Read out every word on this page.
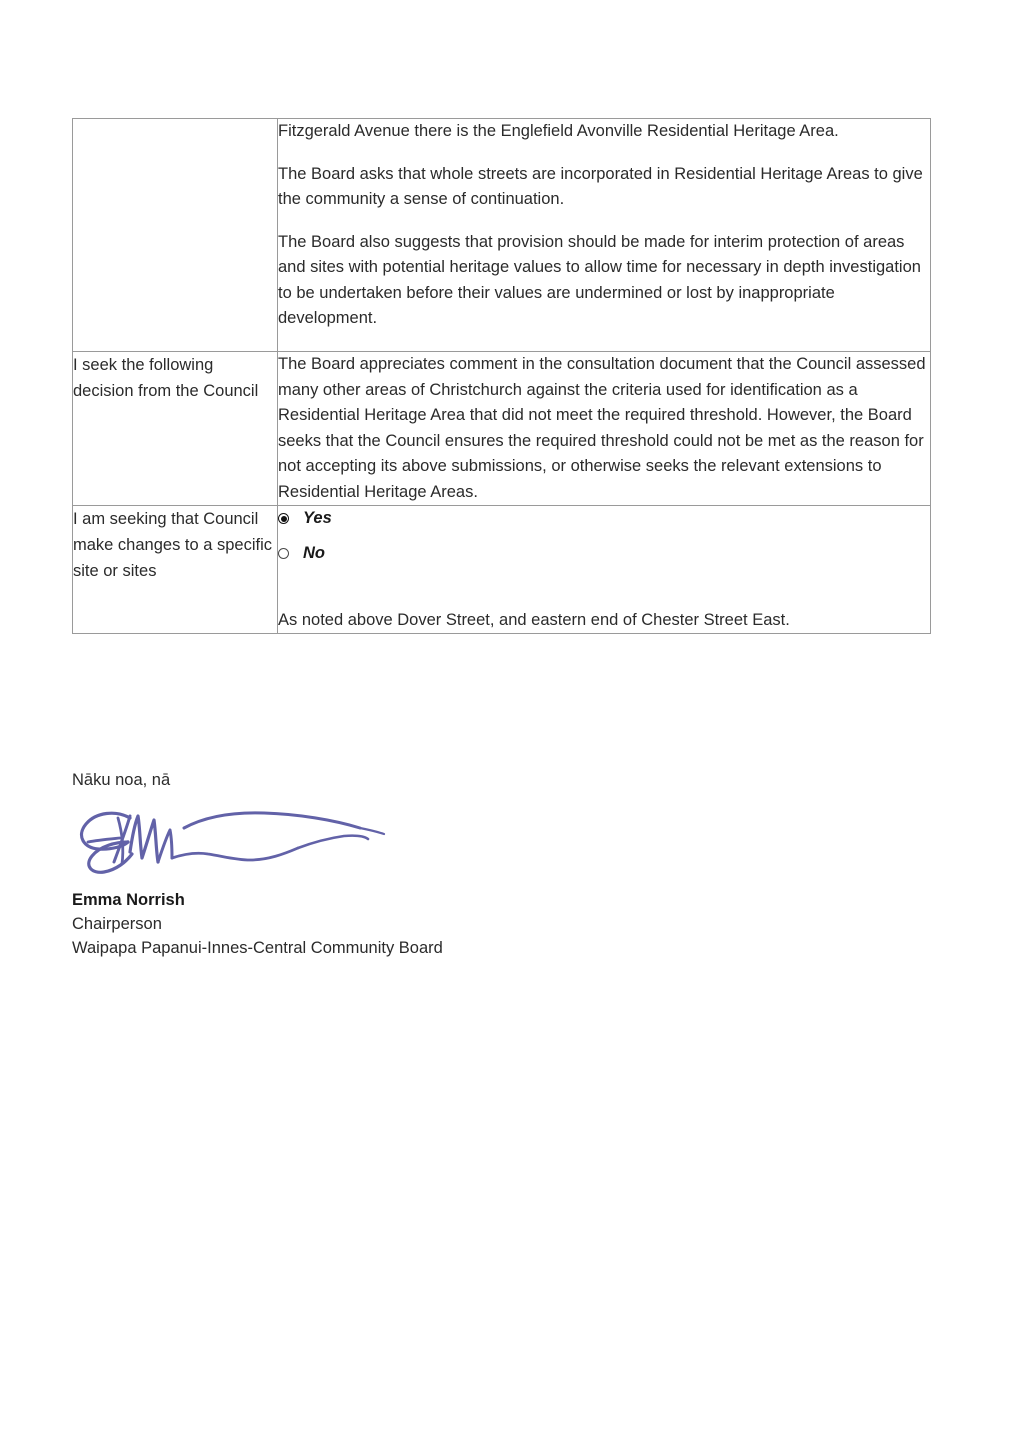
	Fitzgerald Avenue there is the Englefield Avonville Residential Heritage Area.

The Board asks that whole streets are incorporated in Residential Heritage Areas to give the community a sense of continuation.

The Board also suggests that provision should be made for interim protection of areas and sites with potential heritage values to allow time for necessary in depth investigation to be undertaken before their values are undermined or lost by inappropriate development.

I seek the following decision from the Council	The Board appreciates comment in the consultation document that the Council assessed many other areas of Christchurch against the criteria used for identification as a Residential Heritage Area that did not meet the required threshold. However, the Board seeks that the Council ensures the required threshold could not be met as the reason for not accepting its above submissions, or otherwise seeks the relevant extensions to Residential Heritage Areas.

I am seeking that Council make changes to a specific site or sites	Yes
No
As noted above Dover Street, and eastern end of Chester Street East.

Nāku noa, nā

Emma Norrish

Chairperson

Waipapa Papanui-Innes-Central Community Board
